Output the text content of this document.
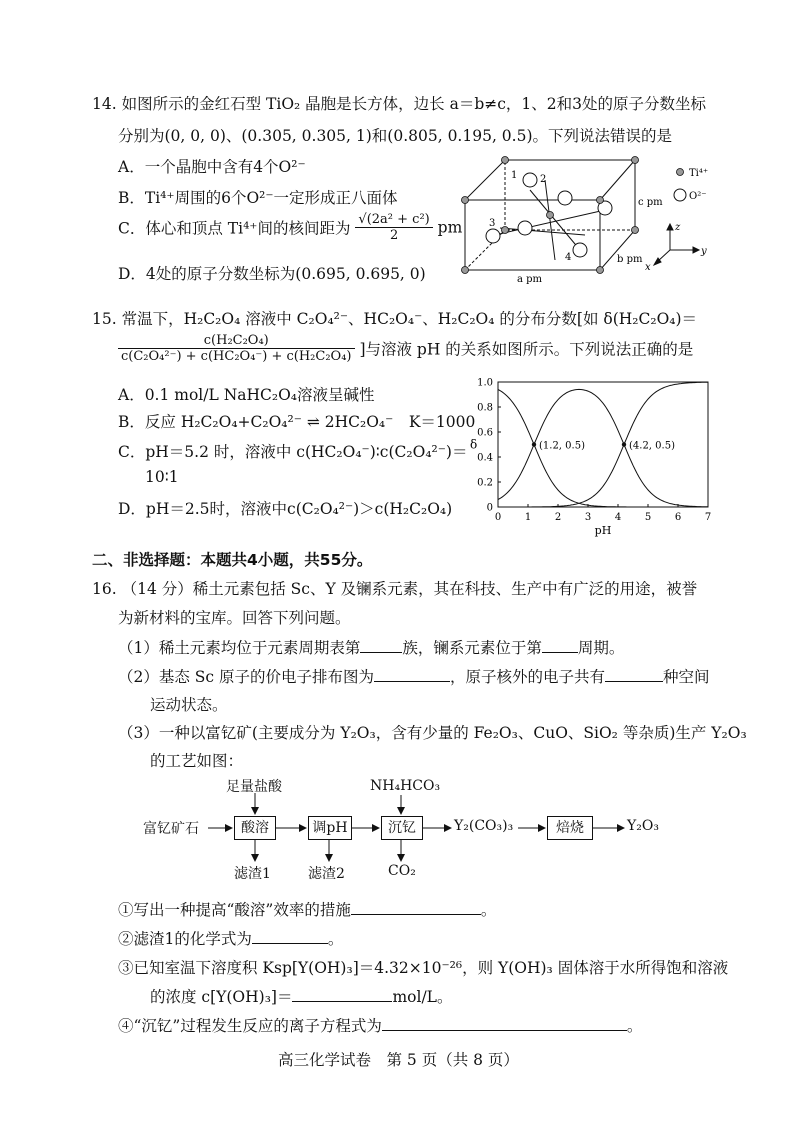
14. 如图所示的金红石型 TiO₂ 晶胞是长方体，边长 a＝b≠c，1、2和3处的原子分数坐标
分别为(0, 0, 0)、(0.305, 0.305, 1)和(0.805, 0.195, 0.5)。下列说法错误的是
A．一个晶胞中含有4个O²⁻
B．Ti⁴⁺周围的6个O²⁻一定形成正八面体
C．体心和顶点 Ti⁴⁺间的核间距为 $\frac{\text{√(2a² + c²)}}{2}$ pm
D．4处的原子分数坐标为(0.695, 0.695, 0)
1 2
3
4
c pm
b pm
a pm
Ti⁴⁺
O²⁻
z
y
x
15. 常温下，H₂C₂O₄ 溶液中 C₂O₄²⁻、HC₂O₄⁻、H₂C₂O₄ 的分布分数[如 δ(H₂C₂O₄)＝
$\frac{\text{c(H₂C₂O₄)}}{\text{c(C₂O₄²⁻) + c(HC₂O₄⁻) + c(H₂C₂O₄)}}$ ]与溶液 pH 的关系如图所示。下列说法正确的是
A．0.1 mol/L NaHC₂O₄溶液呈碱性
B．反应 H₂C₂O₄+C₂O₄²⁻ ⇌ 2HC₂O₄⁻　K＝1000
C．pH＝5.2 时，溶液中 c(HC₂O₄⁻)∶c(C₂O₄²⁻)＝
10∶1
D．pH＝2.5时，溶液中c(C₂O₄²⁻)＞c(H₂C₂O₄)	0 1 2 3 4 5 6 7
0
0.2
0.4
0.6
0.8
1.0
pH
δ	(1.2, 0.5)	(4.2, 0.5)
二、非选择题：本题共4小题，共55分。
16. （14 分）稀土元素包括 Sc、Y 及镧系元素，其在科技、生产中有广泛的用途，被誉
为新材料的宝库。回答下列问题。
（1）稀土元素均位于元素周期表第	族，镧系元素位于第 周期。
（2）基态 Sc 原子的价电子排布图为	，原子核外的电子共有	种空间
运动状态。
（3）一种以富钇矿(主要成分为 Y₂O₃，含有少量的 Fe₂O₃、CuO、SiO₂ 等杂质)生产 Y₂O₃
的工艺如图：
足量盐酸	NH₄HCO₃
富钇矿石	酸溶	调pH	沉钇	Y₂(CO₃)₃	焙烧	Y₂O₃
滤渣1	滤渣2	CO₂
①写出一种提高“酸溶”效率的措施	。
②滤渣1的化学式为	。
③已知室温下溶度积 Ksp[Y(OH)₃]＝4.32×10⁻²⁶，则 Y(OH)₃ 固体溶于水所得饱和溶液
的浓度 c[Y(OH)₃]＝	mol/L。
④“沉钇”过程发生反应的离子方程式为	。
高三化学试卷　第 5 页（共 8 页）
